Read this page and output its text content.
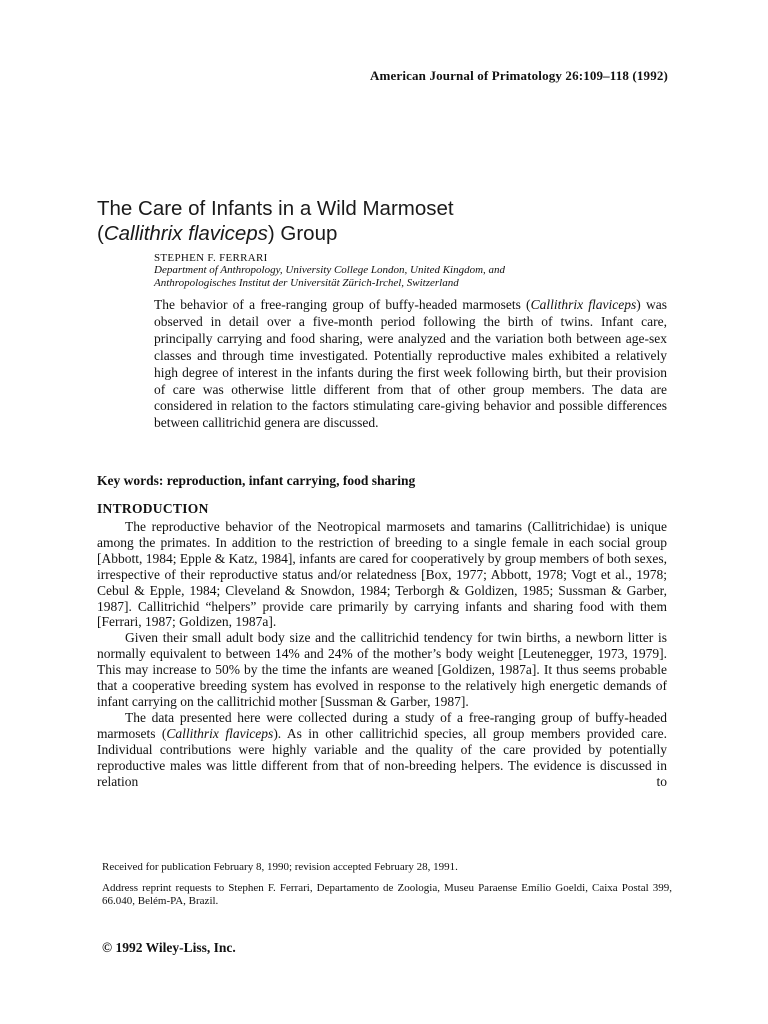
American Journal of Primatology 26:109–118 (1992)
The Care of Infants in a Wild Marmoset
(Callithrix flaviceps) Group
STEPHEN F. FERRARI
Department of Anthropology, University College London, United Kingdom, and
Anthropologisches Institut der Universität Zürich-Irchel, Switzerland
The behavior of a free-ranging group of buffy-headed marmosets (Callithrix flaviceps) was observed in detail over a five-month period following the birth of twins. Infant care, principally carrying and food sharing, were analyzed and the variation both between age-sex classes and through time investigated. Potentially reproductive males exhibited a relatively high degree of interest in the infants during the first week following birth, but their provision of care was otherwise little different from that of other group members. The data are considered in relation to the factors stimulating care-giving behavior and possible differences between callitrichid genera are discussed.
Key words: reproduction, infant carrying, food sharing
INTRODUCTION

The reproductive behavior of the Neotropical marmosets and tamarins (Callitrichidae) is unique among the primates. In addition to the restriction of breeding to a single female in each social group [Abbott, 1984; Epple & Katz, 1984], infants are cared for cooperatively by group members of both sexes, irrespective of their reproductive status and/or relatedness [Box, 1977; Abbott, 1978; Vogt et al., 1978; Cebul & Epple, 1984; Cleveland & Snowdon, 1984; Terborgh & Goldizen, 1985; Sussman & Garber, 1987]. Callitrichid “helpers” provide care primarily by carrying infants and sharing food with them [Ferrari, 1987; Goldizen, 1987a].

Given their small adult body size and the callitrichid tendency for twin births, a newborn litter is normally equivalent to between 14% and 24% of the mother’s body weight [Leutenegger, 1973, 1979]. This may increase to 50% by the time the infants are weaned [Goldizen, 1987a]. It thus seems probable that a cooperative breeding system has evolved in response to the relatively high energetic demands of infant carrying on the callitrichid mother [Sussman & Garber, 1987].

The data presented here were collected during a study of a free-ranging group of buffy-headed marmosets (Callithrix flaviceps). As in other callitrichid species, all group members provided care. Individual contributions were highly variable and the quality of the care provided by potentially reproductive males was little different from that of non-breeding helpers. The evidence is discussed in relation to

Received for publication February 8, 1990; revision accepted February 28, 1991.
Address reprint requests to Stephen F. Ferrari, Departamento de Zoologia, Museu Paraense Emílio Goeldi, Caixa Postal 399, 66.040, Belém-PA, Brazil.
© 1992 Wiley-Liss, Inc.
